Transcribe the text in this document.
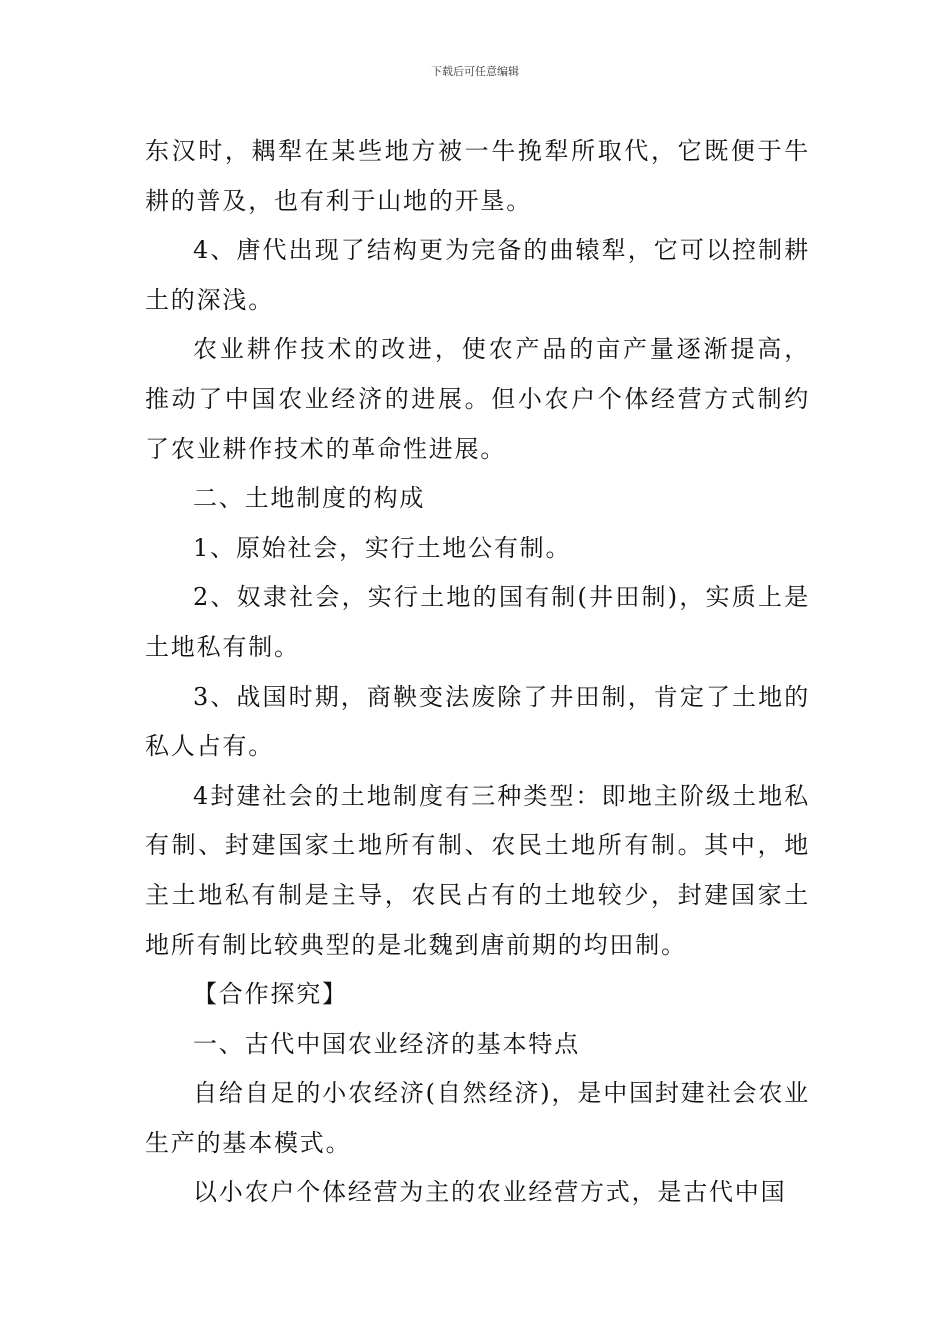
下载后可任意编辑

东汉时，耦犁在某些地方被一牛挽犁所取代，它既便于牛耕的普及，也有利于山地的开垦。

4、唐代出现了结构更为完备的曲辕犁，它可以控制耕土的深浅。

农业耕作技术的改进，使农产品的亩产量逐渐提高，推动了中国农业经济的进展。但小农户个体经营方式制约了农业耕作技术的革命性进展。

二、土地制度的构成

1、原始社会，实行土地公有制。

2、奴隶社会，实行土地的国有制(井田制)，实质上是土地私有制。

3、战国时期，商鞅变法废除了井田制，肯定了土地的私人占有。

4封建社会的土地制度有三种类型：即地主阶级土地私有制、封建国家土地所有制、农民土地所有制。其中，地主土地私有制是主导，农民占有的土地较少，封建国家土地所有制比较典型的是北魏到唐前期的均田制。

【合作探究】

一、古代中国农业经济的基本特点

自给自足的小农经济(自然经济)，是中国封建社会农业生产的基本模式。

以小农户个体经营为主的农业经营方式，是古代中国
